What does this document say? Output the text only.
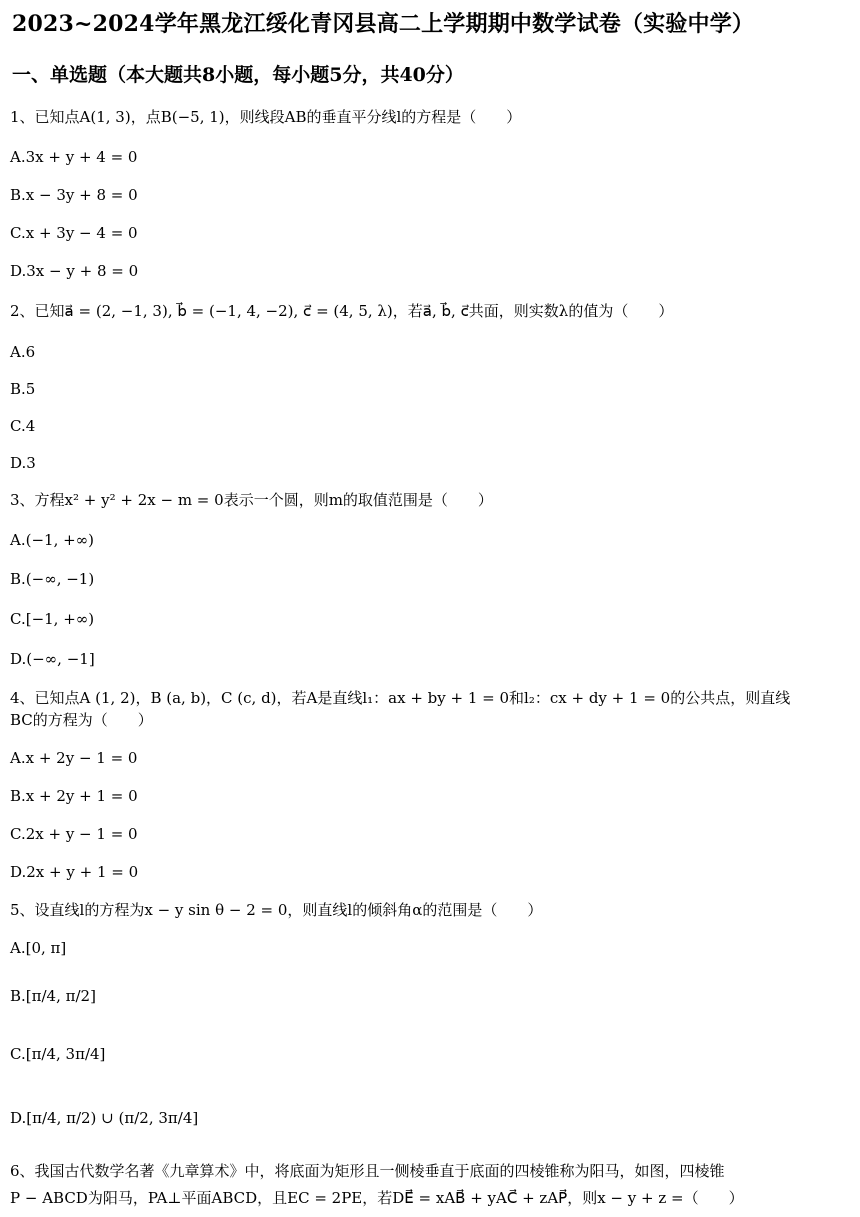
2023~2024学年黑龙江绥化青冈县高二上学期期中数学试卷（实验中学）
一、单选题（本大题共8小题，每小题5分，共40分）
1、已知点A(1, 3)，点B(−5, 1)，则线段AB的垂直平分线l的方程是（　　）
A.3x + y + 4 = 0
B.x − 3y + 8 = 0
C.x + 3y − 4 = 0
D.3x − y + 8 = 0
2、已知a⃗ = (2, −1, 3), b⃗ = (−1, 4, −2), c⃗ = (4, 5, λ)，若a⃗, b⃗, c⃗共面，则实数λ的值为（　　）
A.6
B.5
C.4
D.3
3、方程x² + y² + 2x − m = 0表示一个圆，则m的取值范围是（　　）
A.(−1, +∞)
B.(−∞, −1)
C.[−1, +∞)
D.(−∞, −1]
4、已知点A (1, 2)，B (a, b)，C (c, d)，若A是直线l₁：ax + by + 1 = 0和l₂：cx + dy + 1 = 0的公共点，则直线
BC的方程为（　　）
A.x + 2y − 1 = 0
B.x + 2y + 1 = 0
C.2x + y − 1 = 0
D.2x + y + 1 = 0
5、设直线l的方程为x − y sin θ − 2 = 0，则直线l的倾斜角α的范围是（　　）
A.[0, π]
B.[π/4, π/2]
C.[π/4, 3π/4]
D.[π/4, π/2) ∪ (π/2, 3π/4]
6、我国古代数学名著《九章算术》中，将底面为矩形且一侧棱垂直于底面的四棱锥称为阳马，如图，四棱锥
P − ABCD为阳马，PA⊥平面ABCD，且EC = 2PE，若DE⃗ = xAB⃗ + yAC⃗ + zAP⃗，则x − y + z =（　　）
